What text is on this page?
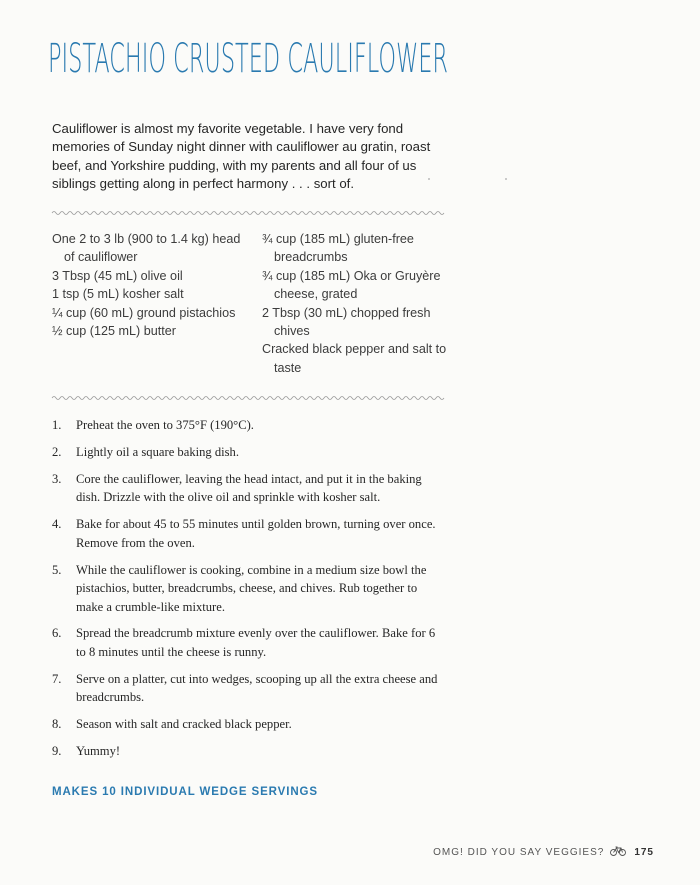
PISTACHIO CRUSTED CAULIFLOWER

Cauliflower is almost my favorite vegetable. I have very fond memories of Sunday night dinner with cauliflower au gratin, roast beef, and Yorkshire pudding, with my parents and all four of us siblings getting along in perfect harmony . . . sort of.

One 2 to 3 lb (900 to 1.4 kg) head of cauliflower
3 Tbsp (45 mL) olive oil
1 tsp (5 mL) kosher salt
¼ cup (60 mL) ground pistachios
½ cup (125 mL) butter
¾ cup (185 mL) gluten-free breadcrumbs
¾ cup (185 mL) Oka or Gruyère cheese, grated
2 Tbsp (30 mL) chopped fresh chives
Cracked black pepper and salt to taste
1. Preheat the oven to 375°F (190°C).
2. Lightly oil a square baking dish.
3. Core the cauliflower, leaving the head intact, and put it in the baking dish. Drizzle with the olive oil and sprinkle with kosher salt.
4. Bake for about 45 to 55 minutes until golden brown, turning over once. Remove from the oven.
5. While the cauliflower is cooking, combine in a medium size bowl the pistachios, butter, breadcrumbs, cheese, and chives. Rub together to make a crumble-like mixture.
6. Spread the breadcrumb mixture evenly over the cauliflower. Bake for 6 to 8 minutes until the cheese is runny.
7. Serve on a platter, cut into wedges, scooping up all the extra cheese and breadcrumbs.
8. Season with salt and cracked black pepper.
9. Yummy!
MAKES 10 INDIVIDUAL WEDGE SERVINGS
OMG! DID YOU SAY VEGGIES?	175
